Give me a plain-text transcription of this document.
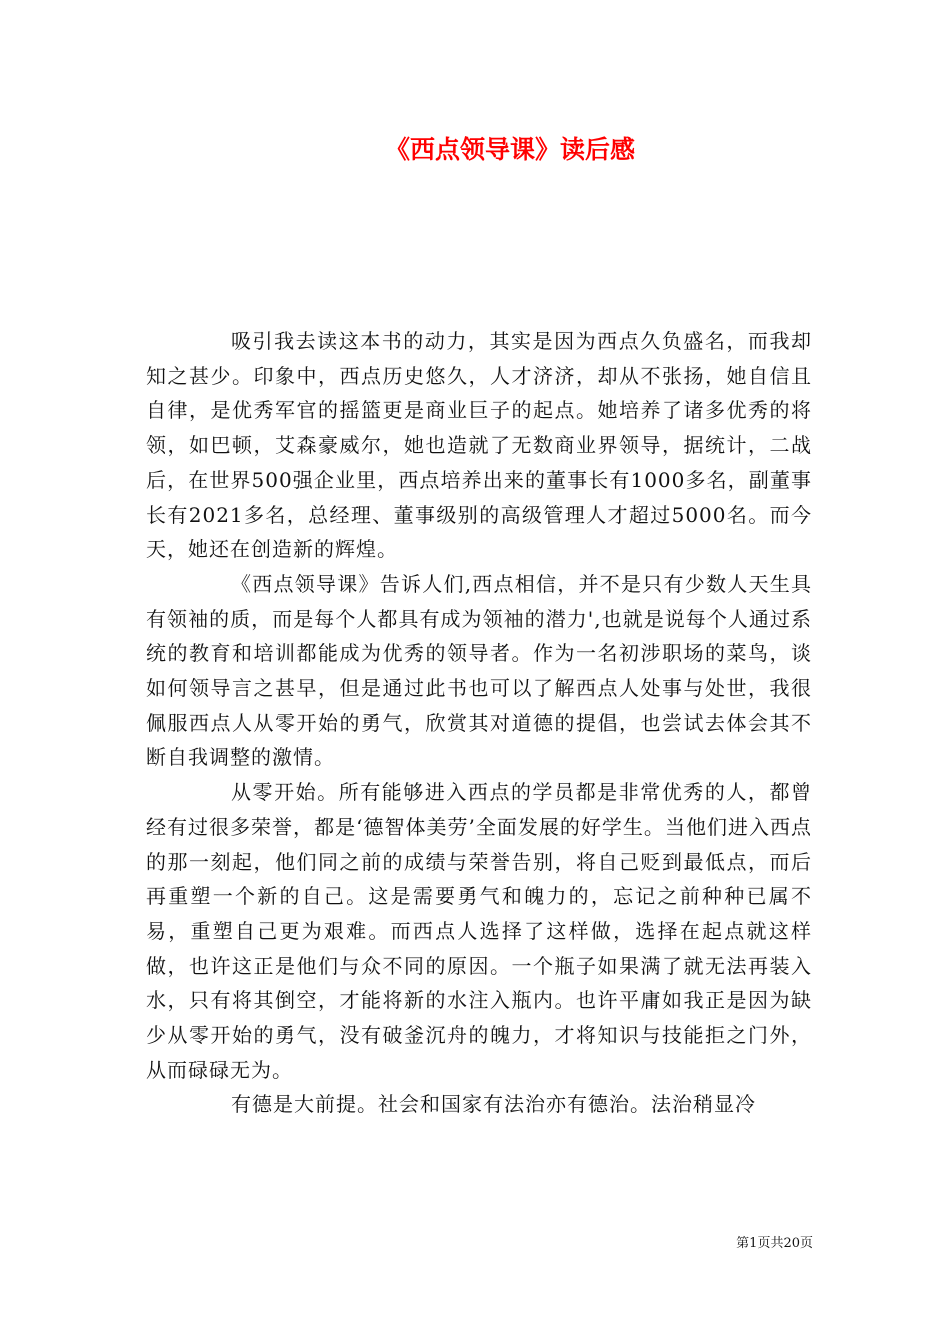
《西点领导课》读后感

吸引我去读这本书的动力，其实是因为西点久负盛名，而我却知之甚少。印象中，西点历史悠久，人才济济，却从不张扬，她自信且自律，是优秀军官的摇篮更是商业巨子的起点。她培养了诸多优秀的将领，如巴顿，艾森豪威尔，她也造就了无数商业界领导，据统计，二战后，在世界500强企业里，西点培养出来的董事长有1000多名，副董事长有2021多名，总经理、董事级别的高级管理人才超过5000名。而今天，她还在创造新的辉煌。

《西点领导课》告诉人们,西点相信，并不是只有少数人天生具有领袖的质，而是每个人都具有成为领袖的潜力',也就是说每个人通过系统的教育和培训都能成为优秀的领导者。作为一名初涉职场的菜鸟，谈如何领导言之甚早，但是通过此书也可以了解西点人处事与处世，我很佩服西点人从零开始的勇气，欣赏其对道德的提倡，也尝试去体会其不断自我调整的激情。

从零开始。所有能够进入西点的学员都是非常优秀的人，都曾经有过很多荣誉，都是‘德智体美劳’全面发展的好学生。当他们进入西点的那一刻起，他们同之前的成绩与荣誉告别，将自己贬到最低点，而后再重塑一个新的自己。这是需要勇气和魄力的，忘记之前种种已属不易，重塑自己更为艰难。而西点人选择了这样做，选择在起点就这样做，也许这正是他们与众不同的原因。一个瓶子如果满了就无法再装入水，只有将其倒空，才能将新的水注入瓶内。也许平庸如我正是因为缺少从零开始的勇气，没有破釜沉舟的魄力，才将知识与技能拒之门外，从而碌碌无为。

有德是大前提。社会和国家有法治亦有德治。法治稍显冷

第1页共20页
